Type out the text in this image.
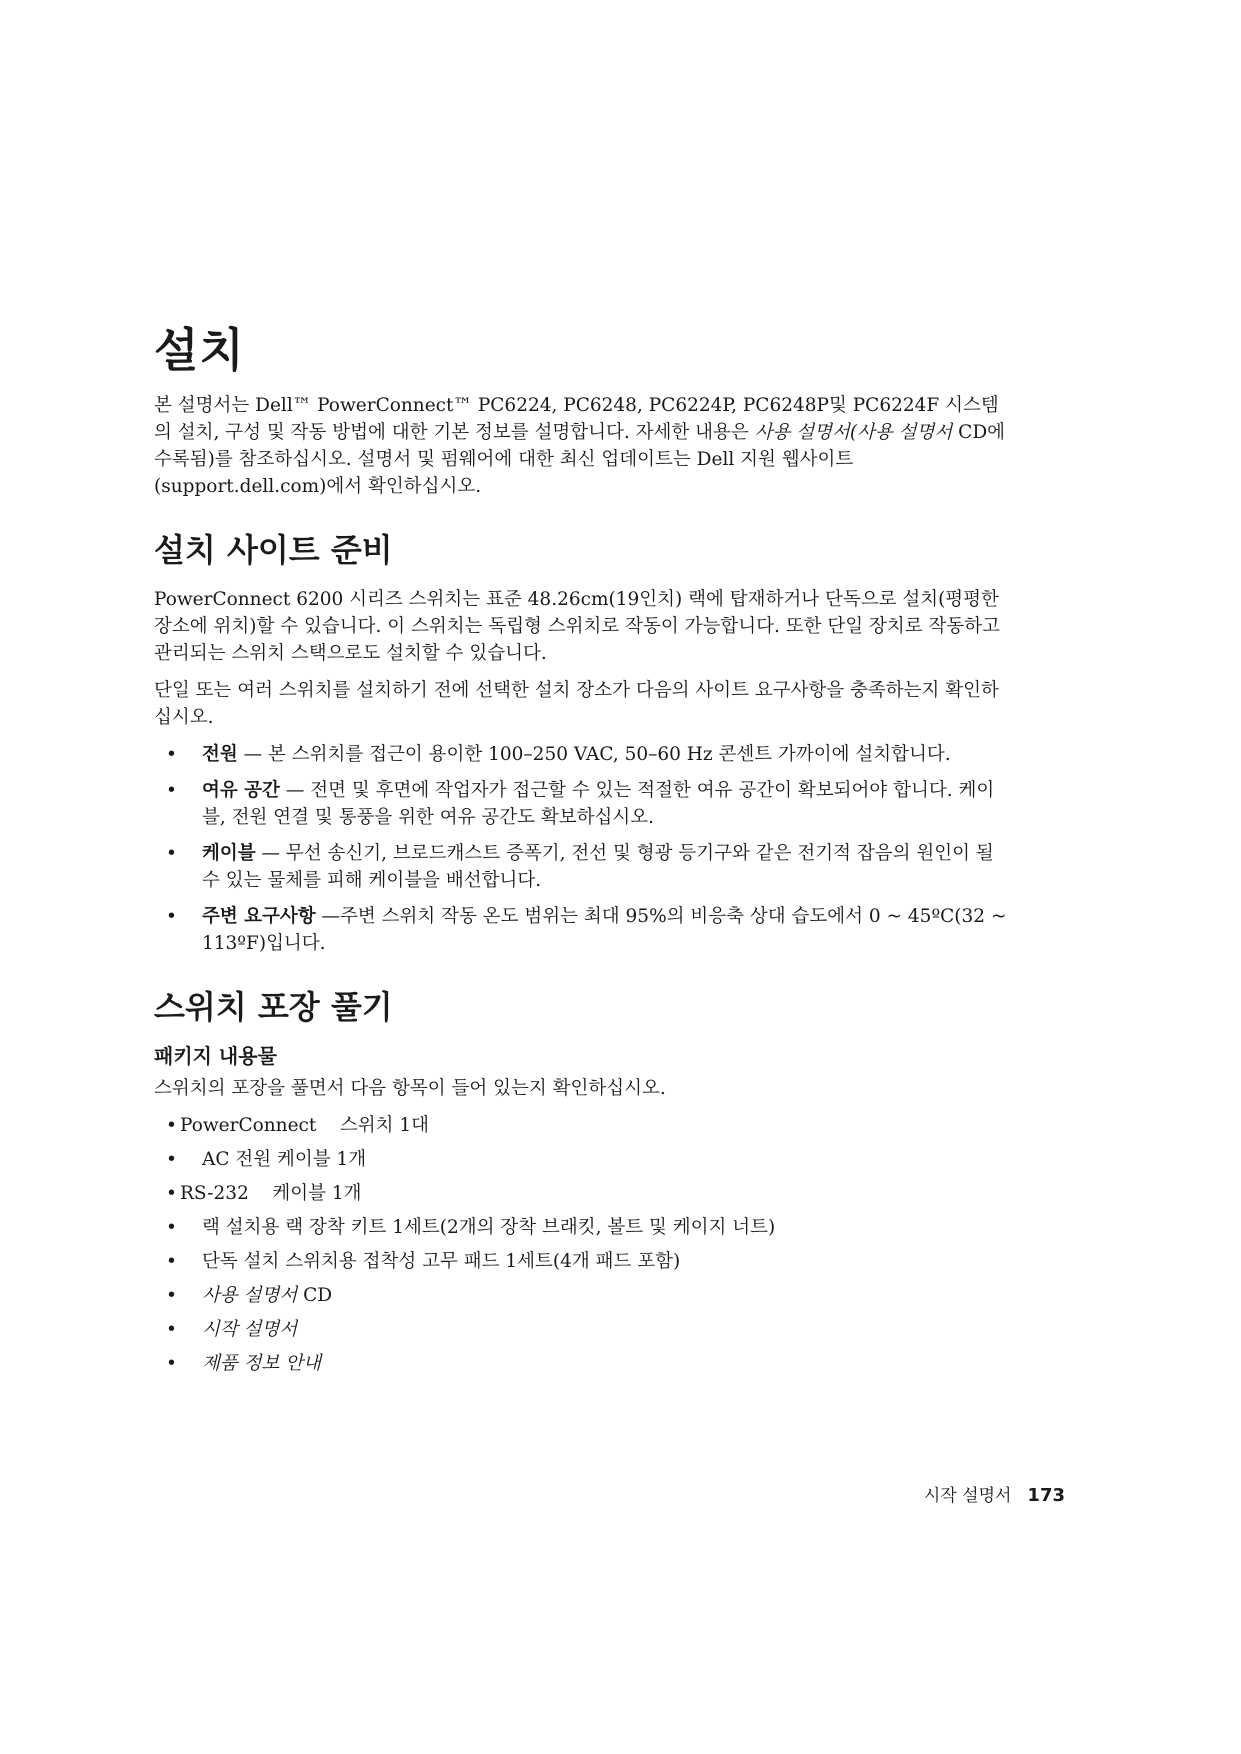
설치

본 설명서는 Dell™ PowerConnect™ PC6224, PC6248, PC6224P, PC6248P및 PC6224F 시스템의 설치, 구성 및 작동 방법에 대한 기본 정보를 설명합니다. 자세한 내용은 사용 설명서(사용 설명서 CD에 수록됨)를 참조하십시오. 설명서 및 펌웨어에 대한 최신 업데이트는 Dell 지원 웹사이트(support.dell.com)에서 확인하십시오.

설치 사이트 준비

PowerConnect 6200 시리즈 스위치는 표준 48.26cm(19인치) 랙에 탑재하거나 단독으로 설치(평평한 장소에 위치)할 수 있습니다. 이 스위치는 독립형 스위치로 작동이 가능합니다. 또한 단일 장치로 작동하고 관리되는 스위치 스택으로도 설치할 수 있습니다.

단일 또는 여러 스위치를 설치하기 전에 선택한 설치 장소가 다음의 사이트 요구사항을 충족하는지 확인하십시오.

• 전원 — 본 스위치를 접근이 용이한 100–250 VAC, 50–60 Hz 콘센트 가까이에 설치합니다.
• 여유 공간 — 전면 및 후면에 작업자가 접근할 수 있는 적절한 여유 공간이 확보되어야 합니다. 케이블, 전원 연결 및 통풍을 위한 여유 공간도 확보하십시오.
• 케이블 — 무선 송신기, 브로드캐스트 증폭기, 전선 및 형광 등기구와 같은 전기적 잡음의 원인이 될 수 있는 물체를 피해 케이블을 배선합니다.
• 주변 요구사항 —주변 스위치 작동 온도 범위는 최대 95%의 비응축 상대 습도에서 0 ~ 45ºC(32 ~ 113ºF)입니다.
스위치 포장 풀기
패키지 내용물

스위치의 포장을 풀면서 다음 항목이 들어 있는지 확인하십시오.

• PowerConnect    스위치 1대
• AC 전원 케이블 1개
• RS-232    케이블 1개
• 랙 설치용 랙 장착 키트 1세트(2개의 장착 브래킷, 볼트 및 케이지 너트)
• 단독 설치 스위치용 접착성 고무 패드 1세트(4개 패드 포함)
• 사용 설명서 CD
• 시작 설명서
• 제품 정보 안내
시작 설명서 173
